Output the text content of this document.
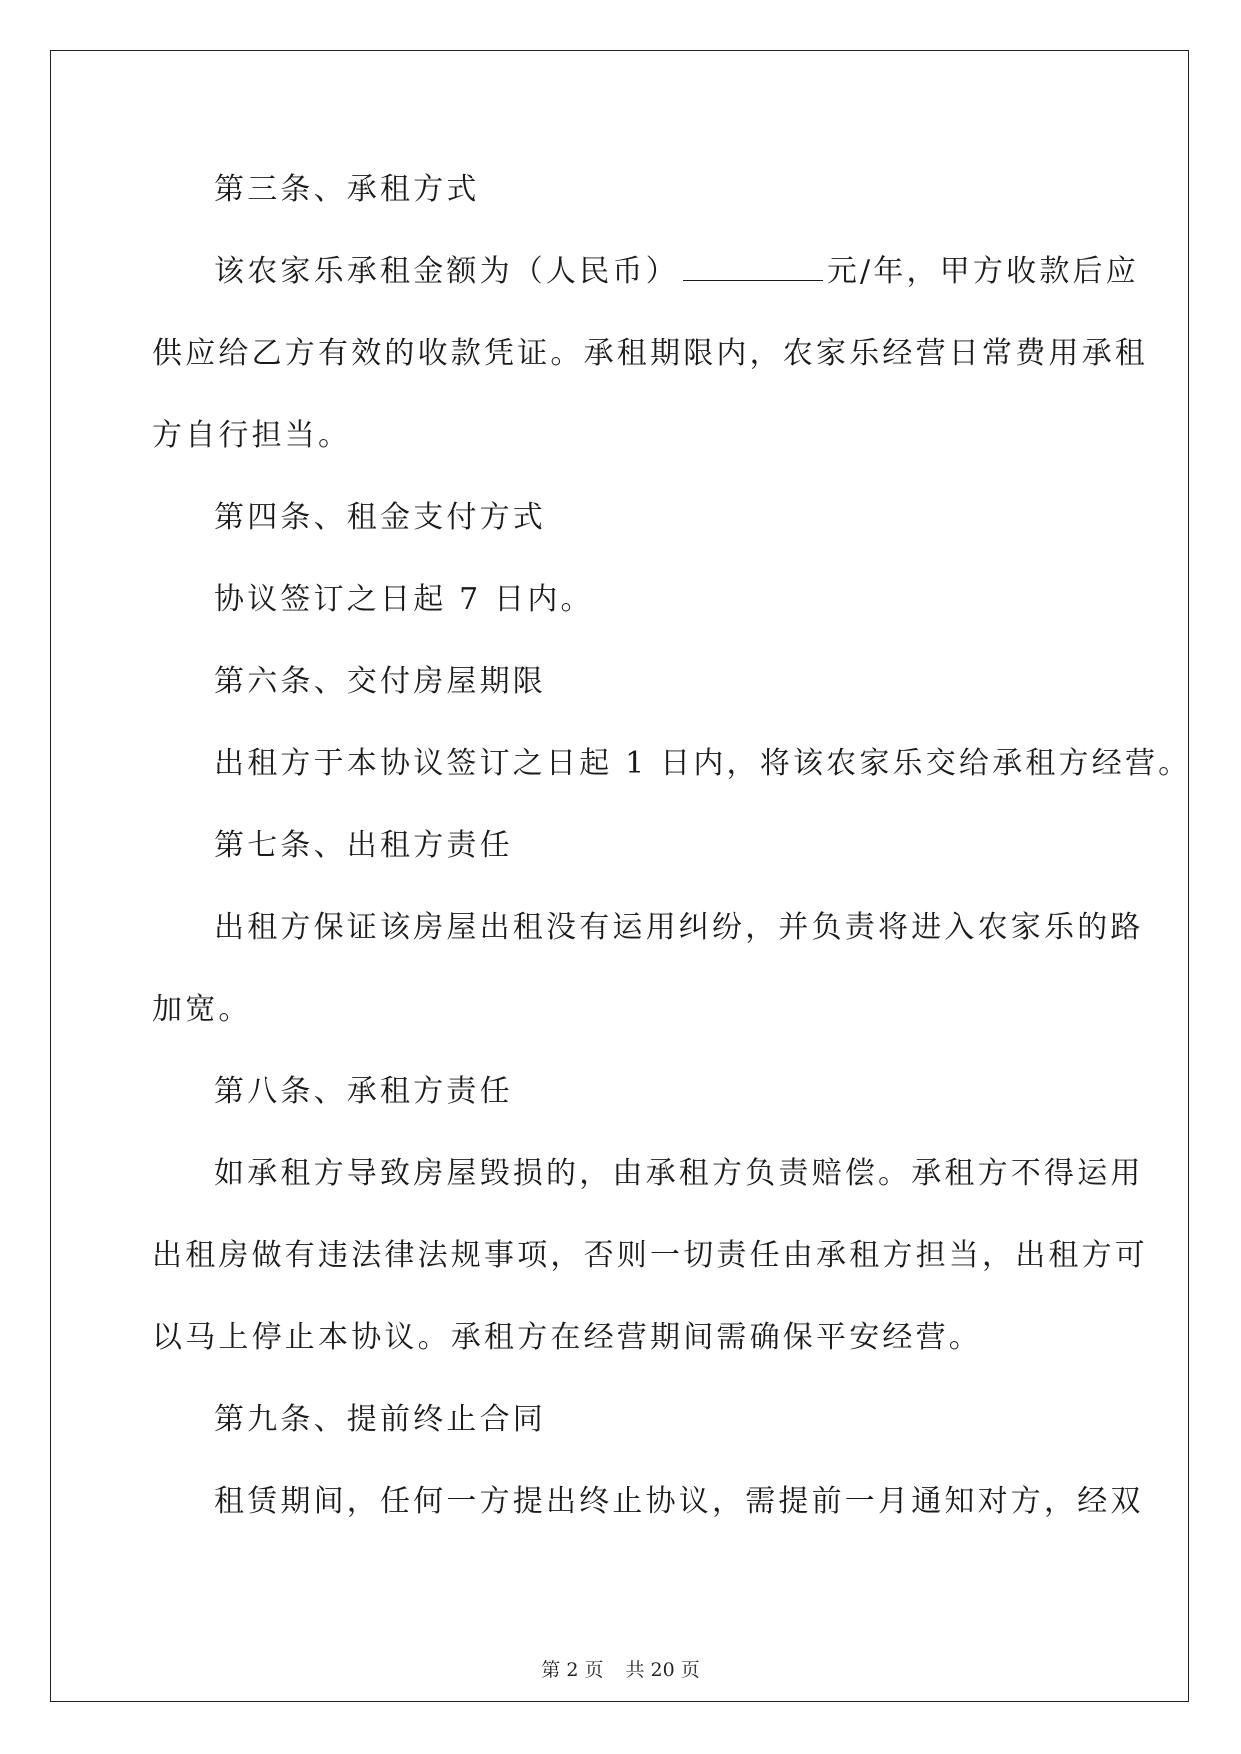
第三条、承租方式
该农家乐承租金额为（人民币）	元/年，甲方收款后应
供应给乙方有效的收款凭证。承租期限内，农家乐经营日常费用承租
方自行担当。
第四条、租金支付方式
协议签订之日起 7 日内。
第六条、交付房屋期限
出租方于本协议签订之日起 1 日内，将该农家乐交给承租方经营。
第七条、出租方责任
出租方保证该房屋出租没有运用纠纷，并负责将进入农家乐的路
加宽。
第八条、承租方责任
如承租方导致房屋毁损的，由承租方负责赔偿。承租方不得运用
出租房做有违法律法规事项，否则一切责任由承租方担当，出租方可
以马上停止本协议。承租方在经营期间需确保平安经营。
第九条、提前终止合同
租赁期间，任何一方提出终止协议，需提前一月通知对方，经双
第 2 页 共 20 页
